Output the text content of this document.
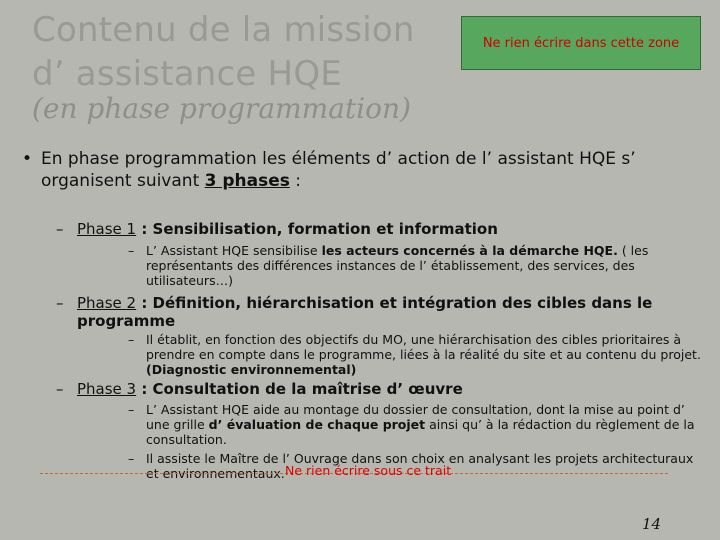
Contenu de la mission
d’ assistance HQE
(en phase programmation)
Ne rien écrire dans cette zone
• En phase programmation les éléments d’ action de l’ assistant HQE s’ organisent suivant 3 phases :
– Phase 1 : Sensibilisation, formation et information
– L’ Assistant HQE sensibilise les acteurs concernés à la démarche HQE. ( les représentants des différences instances de l’ établissement, des services, des utilisateurs…)
– Phase 2 : Définition, hiérarchisation et intégration des cibles dans le programme
– Il établit, en fonction des objectifs du MO, une hiérarchisation des cibles prioritaires à prendre en compte dans le programme, liées à la réalité du site et au contenu du projet. (Diagnostic environnemental)
– Phase 3 : Consultation de la maîtrise d’ œuvre
– L’ Assistant HQE aide au montage du dossier de consultation, dont la mise au point d’ une grille d’ évaluation de chaque projet ainsi qu’ à la rédaction du règlement de la consultation.
– Il assiste le Maître de l’ Ouvrage dans son choix en analysant les projets architecturaux et environnementaux. Ne rien écrire sous ce trait
14
